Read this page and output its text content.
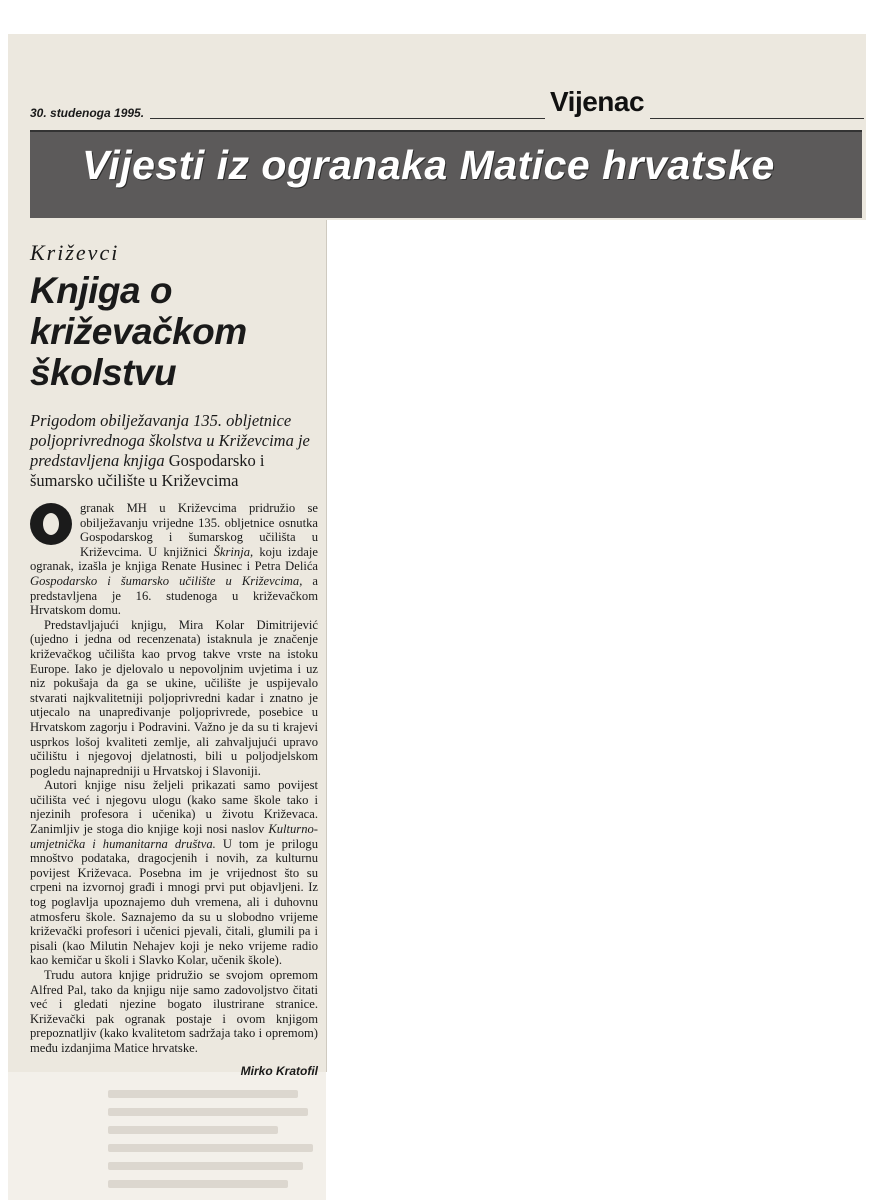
30. studenoga 1995.	Vijenac
Vijesti iz ogranaka Matice hrvatske
Križevci
Knjiga o
križevačkom
školstvu
Prigodom obilježavanja 135. obljetnice poljoprivrednoga školstva u Križevcima je predstavljena knjiga Gospodarsko i šumarsko učilište u Križevcima

granak MH u Križevcima pridružio se obilježavanju vrijedne 135. obljetnice osnutka Gospodarskog i šumarskog učilišta u Križevcima. U knjižnici Škrinja, koju izdaje ogranak, izašla je knjiga Renate Husinec i Petra Delića Gospodarsko i šumarsko učilište u Križevcima, a predstavljena je 16. studenoga u križevačkom Hrvatskom domu.

Predstavljajući knjigu, Mira Kolar Dimitrijević (ujedno i jedna od recenzenata) istaknula je značenje križevačkog učilišta kao prvog takve vrste na istoku Europe. Iako je djelovalo u nepovoljnim uvjetima i uz niz pokušaja da ga se ukine, učilište je uspijevalo stvarati najkvalitetniji poljoprivredni kadar i znatno je utjecalo na unapređivanje poljoprivrede, posebice u Hrvatskom zagorju i Podravini. Važno je da su ti krajevi usprkos lošoj kvaliteti zemlje, ali zahvaljujući upravo učilištu i njegovoj djelatnosti, bili u poljodjelskom pogledu najnapredniji u Hrvatskoj i Slavoniji.

Autori knjige nisu željeli prikazati samo povijest učilišta već i njegovu ulogu (kako same škole tako i njezinih profesora i učenika) u životu Križevaca. Zanimljiv je stoga dio knjige koji nosi naslov Kulturno-umjetnička i humanitarna društva. U tom je prilogu mnoštvo podataka, dragocjenih i novih, za kulturnu povijest Križevaca. Posebna im je vrijednost što su crpeni na izvornoj građi i mnogi prvi put objavljeni. Iz tog poglavlja upoznajemo duh vremena, ali i duhovnu atmosferu škole. Saznajemo da su u slobodno vrijeme križevački profesori i učenici pjevali, čitali, glumili pa i pisali (kao Milutin Nehajev koji je neko vrijeme radio kao kemičar u školi i Slavko Kolar, učenik škole).

Trudu autora knjige pridružio se svojom opremom Alfred Pal, tako da knjigu nije samo zadovoljstvo čitati već i gledati njezine bogato ilustrirane stranice. Križevački pak ogranak postaje i ovom knjigom prepoznatljiv (kako kvalitetom sadržaja tako i opremom) među izdanjima Matice hrvatske.

Mirko Kratofil
